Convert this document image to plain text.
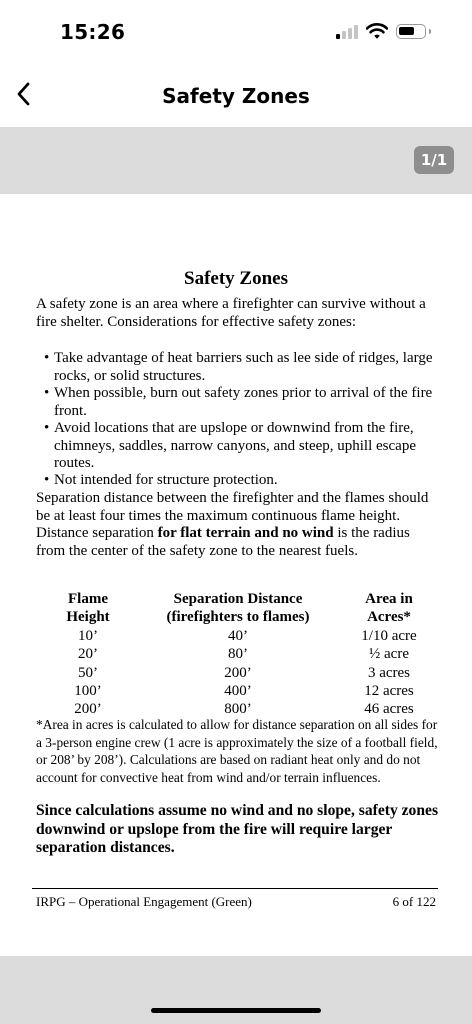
15:26
Safety Zones
1/1
Safety Zones
A safety zone is an area where a firefighter can survive without a fire shelter. Considerations for effective safety zones:
• Take advantage of heat barriers such as lee side of ridges, large rocks, or solid structures.
• When possible, burn out safety zones prior to arrival of the fire front.
• Avoid locations that are upslope or downwind from the fire, chimneys, saddles, narrow canyons, and steep, uphill escape routes.
• Not intended for structure protection.
Separation distance between the firefighter and the flames should be at least four times the maximum continuous flame height. Distance separation for flat terrain and no wind is the radius from the center of the safety zone to the nearest fuels.
Flame	Separation Distance	Area in
Height	(firefighters to flames)	Acres*
10’	40’	1/10 acre
20’	80’	½ acre
50’	200’	3 acres
100’	400’	12 acres
200’	800’	46 acres
*Area in acres is calculated to allow for distance separation on all sides for a 3-person engine crew (1 acre is approximately the size of a football field, or 208’ by 208’). Calculations are based on radiant heat only and do not account for convective heat from wind and/or terrain influences.
Since calculations assume no wind and no slope, safety zones downwind or upslope from the fire will require larger separation distances.
IRPG – Operational Engagement (Green)	6 of 122
